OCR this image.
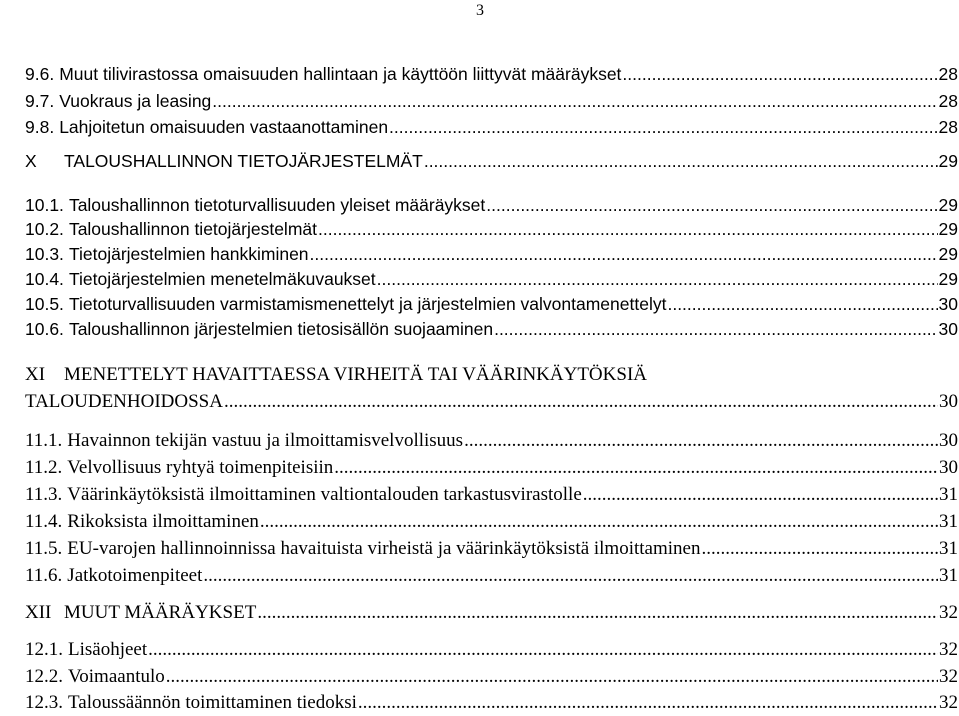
3
9.6. Muut tilivirastossa omaisuuden hallintaan ja käyttöön liittyvät määräykset .....	28
9.7. Vuokraus ja leasing .....	28
9.8. Lahjoitetun omaisuuden vastaanottaminen .....	28
X TALOUSHALLINNON TIETOJÄRJESTELMÄT .....	29
10.1. Taloushallinnon tietoturvallisuuden yleiset määräykset .....	29
10.2. Taloushallinnon tietojärjestelmät .....	29
10.3. Tietojärjestelmien hankkiminen .....	29
10.4. Tietojärjestelmien menetelmäkuvaukset .....	29
10.5. Tietoturvallisuuden varmistamismenettelyt ja järjestelmien valvontamenettelyt .....	30
10.6. Taloushallinnon järjestelmien tietosisällön suojaaminen .....	30
XI MENETTELYT HAVAITTAESSA VIRHEITÄ TAI VÄÄRINKÄYTÖKSIÄ
TALOUDENHOIDOSSA .....	30
11.1. Havainnon tekijän vastuu ja ilmoittamisvelvollisuus .....	30
11.2. Velvollisuus ryhtyä toimenpiteisiin .....	30
11.3. Väärinkäytöksistä ilmoittaminen valtiontalouden tarkastusvirastolle .....	31
11.4. Rikoksista ilmoittaminen .....	31
11.5. EU-varojen hallinnoinnissa havaituista virheistä ja väärinkäytöksistä ilmoittaminen .....	31
11.6. Jatkotoimenpiteet .....	31
XII MUUT MÄÄRÄYKSET .....	32
12.1. Lisäohjeet .....	32
12.2. Voimaantulo .....	32
12.3. Taloussäännön toimittaminen tiedoksi .....	32
